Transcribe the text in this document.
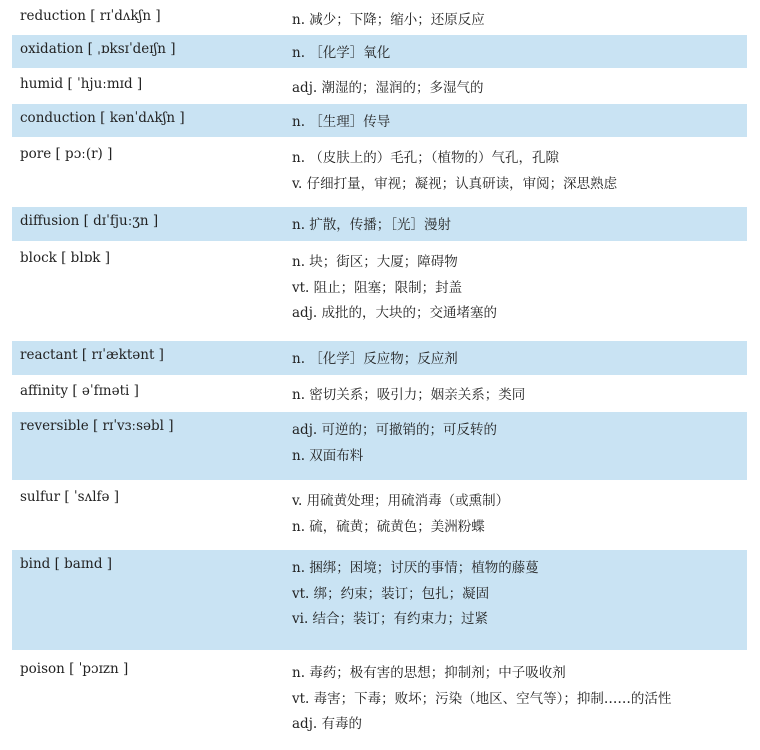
reduction [ rɪˈdʌkʃn ]	n. 减少；下降；缩小；还原反应
oxidation [ ˌɒksɪˈdeɪʃn ]	n. ［化学］氧化
humid [ ˈhjuːmɪd ]	adj. 潮湿的；湿润的；多湿气的
conduction [ kənˈdʌkʃn ]	n. ［生理］传导
pore [ pɔː(r) ]	n. （皮肤上的）毛孔；（植物的）气孔，孔隙
v. 仔细打量，审视；凝视；认真研读，审阅；深思熟虑
diffusion [ dɪˈfjuːʒn ]	n. 扩散，传播；［光］漫射
block [ blɒk ]	n. 块；街区；大厦；障碍物
vt. 阻止；阻塞；限制；封盖
adj. 成批的，大块的；交通堵塞的
reactant [ rɪˈæktənt ]	n. ［化学］反应物；反应剂
affinity [ əˈfɪnəti ]	n. 密切关系；吸引力；姻亲关系；类同
reversible [ rɪˈvɜːsəbl ]	adj. 可逆的；可撤销的；可反转的
n. 双面布料
sulfur [ ˈsʌlfə ]	v. 用硫黄处理；用硫消毒（或熏制）
n. 硫，硫黄；硫黄色；美洲粉蝶
bind [ baɪnd ]	n. 捆绑；困境；讨厌的事情；植物的藤蔓
vt. 绑；约束；装订；包扎；凝固
vi. 结合；装订；有约束力；过紧
poison [ ˈpɔɪzn ]	n. 毒药；极有害的思想；抑制剂；中子吸收剂
vt. 毒害；下毒；败坏；污染（地区、空气等）；抑制……的活性
adj. 有毒的
